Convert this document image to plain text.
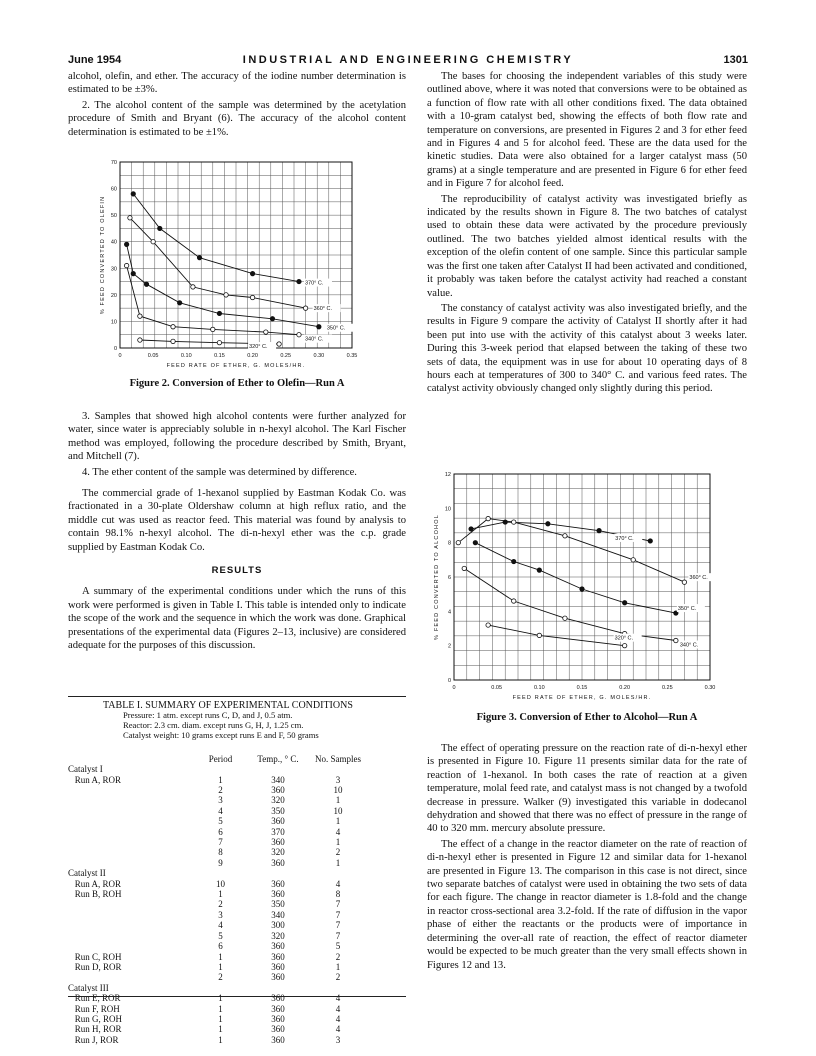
June 1954	INDUSTRIAL AND ENGINEERING CHEMISTRY	1301

alcohol, olefin, and ether. The accuracy of the iodine number determination is estimated to be ±3%.

2. The alcohol content of the sample was determined by the acetylation procedure of Smith and Bryant (6). The accuracy of the alcohol content determination is estimated to be ±1%.

0	0.05	0.10	0.15	0.20	0.25	0.30	0.35
0
10
20
30
40
50
60
70
FEED RATE OF ETHER, G. MOLES/HR.
% FEED CONVERTED TO OLEFIN	370° C.
360° C.
350° C.
340° C.
320° C.
Figure 2. Conversion of Ether to Olefin—Run A

3. Samples that showed high alcohol contents were further analyzed for water, since water is appreciably soluble in n-hexyl alcohol. The Karl Fischer method was employed, following the procedure described by Smith, Bryant, and Mitchell (7).

4. The ether content of the sample was determined by difference.

The commercial grade of 1-hexanol supplied by Eastman Kodak Co. was fractionated in a 30-plate Oldershaw column at high reflux ratio, and the middle cut was used as reactor feed. This material was found by analysis to contain 98.1% n-hexyl alcohol. The di-n-hexyl ether was the c.p. grade supplied by Eastman Kodak Co.

RESULTS

A summary of the experimental conditions under which the runs of this work were performed is given in Table I. This table is intended only to indicate the scope of the work and the sequence in which the work was done. Graphical presentations of the experimental data (Figures 2–13, inclusive) are considered adequate for the purposes of this discussion.

TABLE I. SUMMARY OF EXPERIMENTAL CONDITIONS
Pressure: 1 atm. except runs C, D, and J, 0.5 atm.
Reactor: 2.3 cm. diam. except runs G, H, J, 1.25 cm.
Catalyst weight: 10 grams except runs E and F, 50 grams
	Period	Temp., ° C.	No. Samples
Catalyst I			
Run A, ROR	1	340	3
	2	360	10
	3	320	1
	4	350	10
	5	360	1
	6	370	4
	7	360	1
	8	320	2
	9	360	1
Catalyst II			
Run A, ROR	10	360	4
Run B, ROH	1	360	8
	2	350	7
	3	340	7
	4	300	7
	5	320	7
	6	360	5
Run C, ROH	1	360	2
Run D, ROR	1	360	1
	2	360	2
Catalyst III			
Run E, ROR	1	360	4
Run F, ROH	1	360	4
Run G, ROH	1	360	4
Run H, ROR	1	360	4
Run J, ROR	1	360	3

The bases for choosing the independent variables of this study were outlined above, where it was noted that conversions were to be obtained as a function of flow rate with all other conditions fixed. The data obtained with a 10-gram catalyst bed, showing the effects of both flow rate and temperature on conversions, are presented in Figures 2 and 3 for ether feed and in Figures 4 and 5 for alcohol feed. These are the data used for the kinetic studies. Data were also obtained for a larger catalyst mass (50 grams) at a single temperature and are presented in Figure 6 for ether feed and in Figure 7 for alcohol feed.

The reproducibility of catalyst activity was investigated briefly as indicated by the results shown in Figure 8. The two batches of catalyst used to obtain these data were activated by the procedure previously outlined. The two batches yielded almost identical results with the exception of the olefin content of one sample. Since this particular sample was the first one taken after Catalyst II had been activated and conditioned, it probably was taken before the catalyst activity had reached a constant value.

The constancy of catalyst activity was also investigated briefly, and the results in Figure 9 compare the activity of Catalyst II shortly after it had been put into use with the activity of this catalyst about 3 weeks later. During this 3-week period that elapsed between the taking of these two sets of data, the equipment was in use for about 10 operating days of 8 hours each at temperatures of 300 to 340° C. and various feed rates. The catalyst activity obviously changed only slightly during this period.

0	0.05	0.10	0.15	0.20	0.25	0.30
0
2
4
6
8
10
12
FEED RATE OF ETHER, G. MOLES/HR.
% FEED CONVERTED TO ALCOHOL	370° C.
360° C.
350° C.
340° C.
320° C.
Figure 3. Conversion of Ether to Alcohol—Run A

The effect of operating pressure on the reaction rate of di-n-hexyl ether is presented in Figure 10. Figure 11 presents similar data for the rate of reaction of 1-hexanol. In both cases the rate of reaction at a given temperature, molal feed rate, and catalyst mass is not changed by a twofold decrease in pressure. Walker (9) investigated this variable in dodecanol dehydration and showed that there was no effect of pressure in the range of 40 to 320 mm. mercury absolute pressure.

The effect of a change in the reactor diameter on the rate of reaction of di-n-hexyl ether is presented in Figure 12 and similar data for 1-hexanol are presented in Figure 13. The comparison in this case is not direct, since two separate batches of catalyst were used in obtaining the two sets of data for each figure. The change in reactor diameter is 1.8-fold and the change in reactor cross-sectional area 3.2-fold. If the rate of diffusion in the vapor phase of either the reactants or the products were of importance in determining the over-all rate of reaction, the effect of reactor diameter would be expected to be much greater than the very small effects shown in Figures 12 and 13.
